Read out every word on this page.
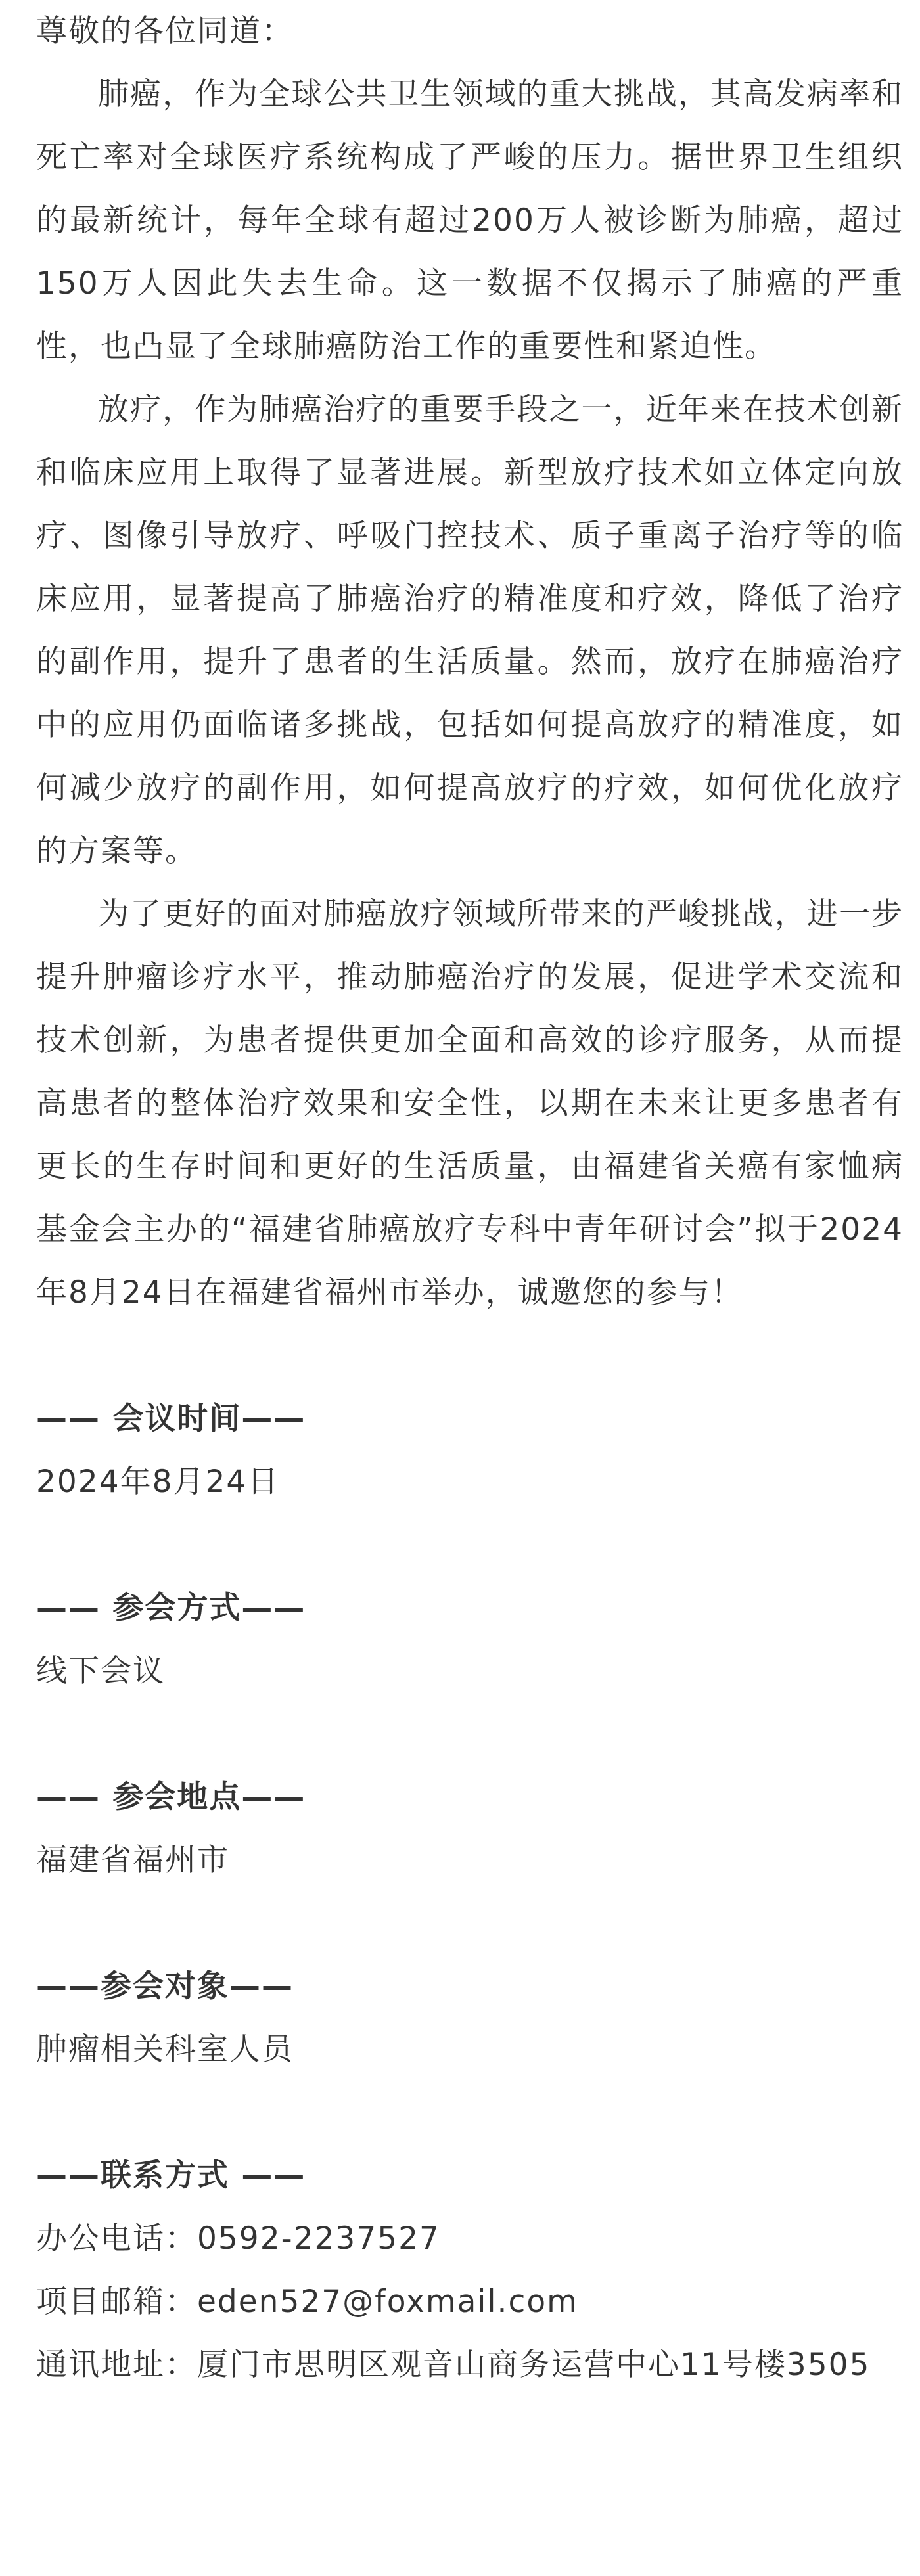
尊敬的各位同道：

肺癌，作为全球公共卫生领域的重大挑战，其高发病率和死亡率对全球医疗系统构成了严峻的压力。据世界卫生组织的最新统计，每年全球有超过200万人被诊断为肺癌，超过150万人因此失去生命。这一数据不仅揭示了肺癌的严重性，也凸显了全球肺癌防治工作的重要性和紧迫性。

放疗，作为肺癌治疗的重要手段之一，近年来在技术创新和临床应用上取得了显著进展。新型放疗技术如立体定向放疗、图像引导放疗、呼吸门控技术、质子重离子治疗等的临床应用，显著提高了肺癌治疗的精准度和疗效，降低了治疗的副作用，提升了患者的生活质量。然而，放疗在肺癌治疗中的应用仍面临诸多挑战，包括如何提高放疗的精准度，如何减少放疗的副作用，如何提高放疗的疗效，如何优化放疗的方案等。

为了更好的面对肺癌放疗领域所带来的严峻挑战，进一步提升肿瘤诊疗水平，推动肺癌治疗的发展，促进学术交流和技术创新，为患者提供更加全面和高效的诊疗服务，从而提高患者的整体治疗效果和安全性，以期在未来让更多患者有更长的生存时间和更好的生活质量，由福建省关癌有家恤病基金会主办的“福建省肺癌放疗专科中青年研讨会”拟于2024年8月24日在福建省福州市举办，诚邀您的参与！

—— 会议时间——

2024年8月24日

—— 参会方式——

线下会议

—— 参会地点——

福建省福州市

——参会对象——

肿瘤相关科室人员

——联系方式 ——

办公电话：0592-2237527

项目邮箱：eden527@foxmail.com

通讯地址：厦门市思明区观音山商务运营中心11号楼3505
